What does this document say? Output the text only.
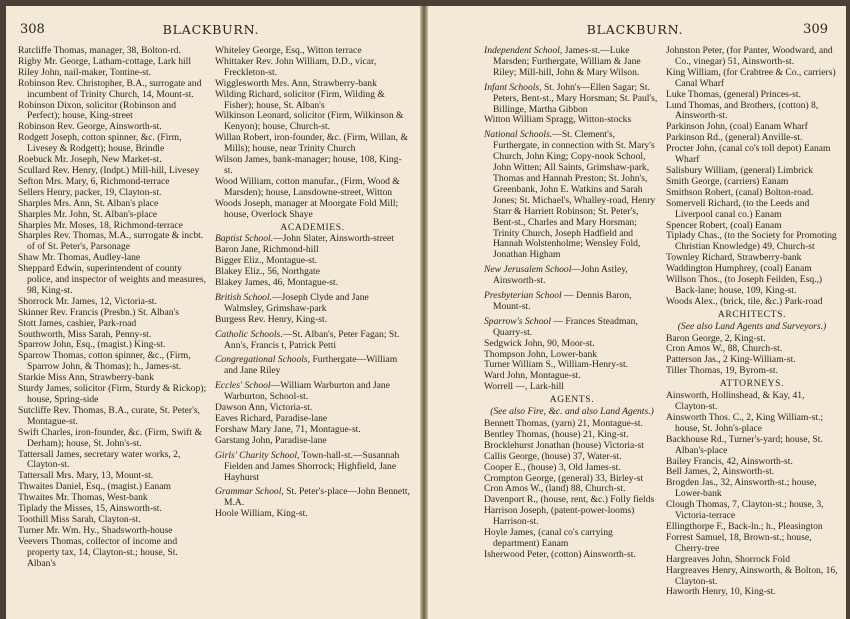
308	BLACKBURN.

Ratcliffe Thomas, manager, 38, Bolton-rd.

Rigby Mr. George, Latham-cottage, Lark hill

Riley John, nail-maker, Tontine-st.

Robinson Rev. Christopher, B.A., surrogate and incumbent of Trinity Church, 14, Mount-st.

Robinson Dixon, solicitor (Robinson and Perfect); house, King-street

Robinson Rev. George, Ainsworth-st.

Rodgett Joseph, cotton spinner, &c. (Firm, Livesey & Rodgett); house, Brindle

Roebuck Mr. Joseph, New Market-st.

Scullard Rev. Henry, (Indpt.) Mill-hill, Livesey

Sefton Mrs. Mary, 6, Richmond-terrace

Sellers Henry, packer, 19, Clayton-st.

Sharples Mrs. Ann, St. Alban's place

Sharples Mr. John, St. Alban's-place

Sharples Mr. Moses, 18, Richmond-terrace

Sharples Rev. Thomas, M.A., surrogate & incbt. of of St. Peter's, Parsonage

Shaw Mr. Thomas, Audley-lane

Sheppard Edwin, superintendent of county police, and inspector of weights and measures, 98, King-st.

Shorrock Mr. James, 12, Victoria-st.

Skinner Rev. Francis (Presbn.) St. Alban's

Stott James, cashier, Park-road

Southworth, Miss Sarah, Penny-st.

Sparrow John, Esq., (magist.) King-st.

Sparrow Thomas, cotton spinner, &c., (Firm, Sparrow John, & Thomas); h., James-st.

Starkie Miss Ann, Strawberry-bank

Sturdy James, solicitor (Firm, Sturdy & Rickop); house, Spring-side

Sutcliffe Rev. Thomas, B.A., curate, St. Peter's, Montague-st.

Swift Charles, iron-founder, &c. (Firm, Swift & Derham); house, St. John's-st.

Tattersall James, secretary water works, 2, Clayton-st.

Tattersall Mrs. Mary, 13, Mount-st.

Thwaites Daniel, Esq., (magist.) Eanam

Thwaites Mr. Thomas, West-bank

Tiplady the Misses, 15, Ainsworth-st.

Toothill Miss Sarah, Clayton-st.

Turner Mr. Wm. Hy., Shadsworth-house

Veevers Thomas, collector of income and property tax, 14, Clayton-st.; house, St. Alban's

Whiteley George, Esq., Witton terrace

Whittaker Rev. John William, D.D., vicar, Freckleton-st.

Wigglesworth Mrs. Ann, Strawberry-bank

Wilding Richard, solicitor (Firm, Wilding & Fisher); house, St. Alban's

Wilkinson Leonard, solicitor (Firm, Wilkinson & Kenyon); house, Church-st.

Willan Robert, iron-founder, &c. (Firm, Willan, & Mills); house, near Trinity Church

Wilson James, bank-manager; house, 108, King-st.

Wood William, cotton manufar., (Firm, Wood & Marsden); house, Lansdowne-street, Witton

Woods Joseph, manager at Moorgate Fold Mill; house, Overlock Shaye

ACADEMIES.

Baptist School.—John Slater, Ainsworth-street

Baron Jane, Richmond-hill

Bigger Eliz., Montague-st.

Blakey Eliz., 56, Northgate

Blakey James, 46, Montague-st.

British School.—Joseph Clyde and Jane Walmsley, Grimshaw-park

Burgess Rev. Henry, King-st.

Catholic Schools.—St. Alban's, Peter Fagan; St. Ann's, Francis t, Patrick Petti

Congregational Schools, Furthergate—William and Jane Riley

Eccles' School—William Warburton and Jane Warburton, School-st.

Dawson Ann, Victoria-st.

Eaves Richard, Paradise-lane

Forshaw Mary Jane, 71, Montague-st.

Garstang John, Paradise-lane

Girls' Charity School, Town-hall-st.—Susannah Fielden and James Shorrock; Highfield, Jane Hayhurst

Grammar School, St. Peter's-place—John Bennett, M.A.

Hoole William, King-st.

BLACKBURN.	309

Independent School, James-st.—Luke Marsden; Furthergate, William & Jane Riley; Mill-hill, John & Mary Wilson.

Infant Schools, St. John's—Ellen Sagar; St. Peters, Bent-st., Mary Horsman; St. Paul's, Billinge, Martha Gibbon

Witton William Spragg, Witton-stocks

National Schools.—St. Clement's, Furthergate, in connection with St. Mary's Church, John King; Copy-nook School, John Witten; All Saints, Grimshaw-park, Thomas and Hannah Preston; St. John's, Greenbank, John E. Watkins and Sarah Jones; St. Michael's, Whalley-road, Henry Starr & Harriett Robinson; St. Peter's, Bent-st., Charles and Mary Horsman; Trinity Church, Joseph Hadfield and Hannah Wolstenholme; Wensley Fold, Jonathan Higham

New Jerusalem School—John Astley, Ainsworth-st.

Presbyterian School — Dennis Baron, Mount-st.

Sparrow's School — Frances Steadman, Quarry-st.

Sedgwick John, 90, Moor-st.

Thompson John, Lower-bank

Turner William S., William-Henry-st.

Ward John, Montague-st.

Worrell —, Lark-hill

AGENTS.
(See also Fire, &c. and also Land Agents.)

Bennett Thomas, (yarn) 21, Montague-st.

Bentley Thomas, (house) 21, King-st.

Brocklehurst Jonathan (house) Victoria-st

Callis George, (house) 37, Water-st.

Cooper E., (house) 3, Old James-st.

Crompton George, (general) 33, Birley-st

Cron Amos W., (land) 88, Church-st.

Davenport R., (house, rent, &c.) Folly fields

Harrison Joseph, (patent-power-looms) Harrison-st.

Hoyle James, (canal co's carrying department) Eanam

Isherwood Peter, (cotton) Ainsworth-st.

Johnston Peter, (for Panter, Woodward, and Co., vinegar) 51, Ainsworth-st.

King William, (for Crabtree & Co., carriers) Canal Wharf

Luke Thomas, (general) Princes-st.

Lund Thomas, and Brothers, (cotton) 8, Ainsworth-st.

Parkinson John, (coal) Eanam Wharf

Parkinson Rd., (general) Anville-st.

Procter John, (canal co's toll depot) Eanam Wharf

Salisbury William, (general) Limbrick

Smith George, (carriers) Eanam

Smithson Robert, (canal) Bolton-road.

Somervell Richard, (to the Leeds and Liverpool canal co.) Eanam

Spencer Robert, (coal) Eanam

Tiplady Chas., (to the Society for Promoting Christian Knowledge) 49, Church-st

Townley Richard, Strawberry-bank

Waddington Humphrey, (coal) Eanam

Willson Thos., (to Joseph Feilden, Esq.,) Back-lane; house, 109, King-st.

Woods Alex., (brick, tile, &c.) Park-road

ARCHITECTS.
(See also Land Agents and Surveyors.)

Baron George, 2, King-st.

Cron Amos W., 88, Church-st.

Patterson Jas., 2 King-William-st.

Tiller Thomas, 19, Byrom-st.

ATTORNEYS.

Ainsworth, Hollinshead, & Kay, 41, Clayton-st.

Ainsworth Thos. C., 2, King William-st.; house, St. John's-place

Backhouse Rd., Turner's-yard; house, St. Alban's-place

Bailey Francis, 42, Ainsworth-st.

Bell James, 2, Ainsworth-st.

Brogden Jas., 32, Ainsworth-st.; house, Lower-bank

Clough Thomas, 7, Clayton-st.; house, 3, Victoria-terrace

Ellingthorpe F., Back-ln.; h., Pleasington

Forrest Samuel, 18, Brown-st.; house, Cherry-tree

Hargreaves John, Shorrock Fold

Hargreaves Henry, Ainsworth, & Bolton, 16, Clayton-st.

Haworth Henry, 10, King-st.
